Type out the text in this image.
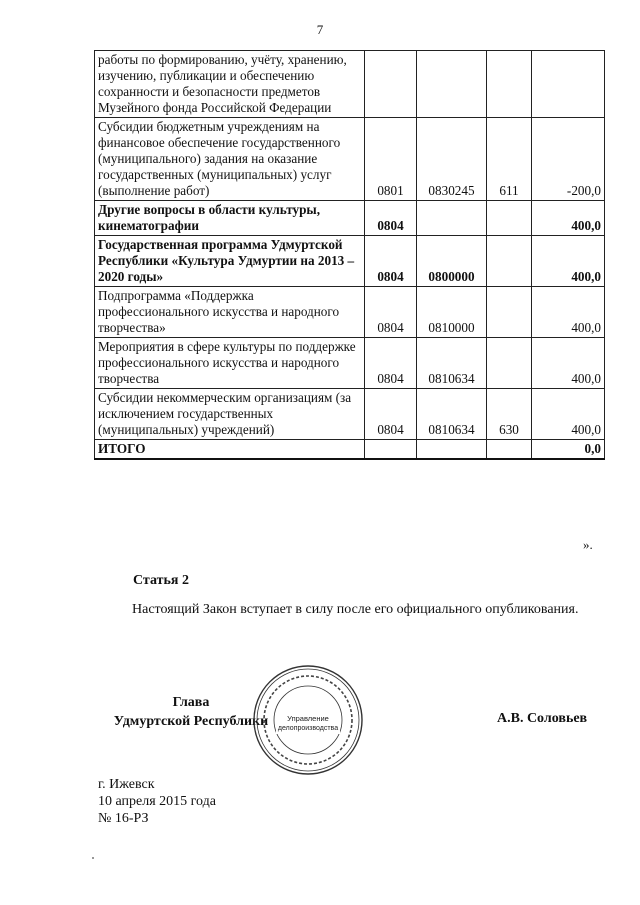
7
работы по формированию, учёту, хранению, изучению, публикации и обеспечению сохранности и безопасности предметов Музейного фонда Российской Федерации				
Субсидии бюджетным учреждениям на финансовое обеспечение государственного (муниципального) задания на оказание государственных (муниципальных) услуг (выполнение работ)	0801	0830245	611	-200,0
Другие вопросы в области культуры, кинематографии	0804			400,0
Государственная программа Удмуртской Республики «Культура Удмуртии на 2013 – 2020 годы»	0804	0800000		400,0
Подпрограмма «Поддержка профессионального искусства и народного творчества»	0804	0810000		400,0
Мероприятия в сфере культуры по поддержке профессионального искусства и народного творчества	0804	0810634		400,0
Субсидии некоммерческим организациям (за исключением государственных (муниципальных) учреждений)	0804	0810634	630	400,0
ИТОГО				0,0
».
Статья 2
Настоящий Закон вступает в силу после его официального опубликования.
Глава
Удмуртской Республики	Управление
делопроизводства
А.В. Соловьев
г. Ижевск
10 апреля 2015 года
№ 16-РЗ
